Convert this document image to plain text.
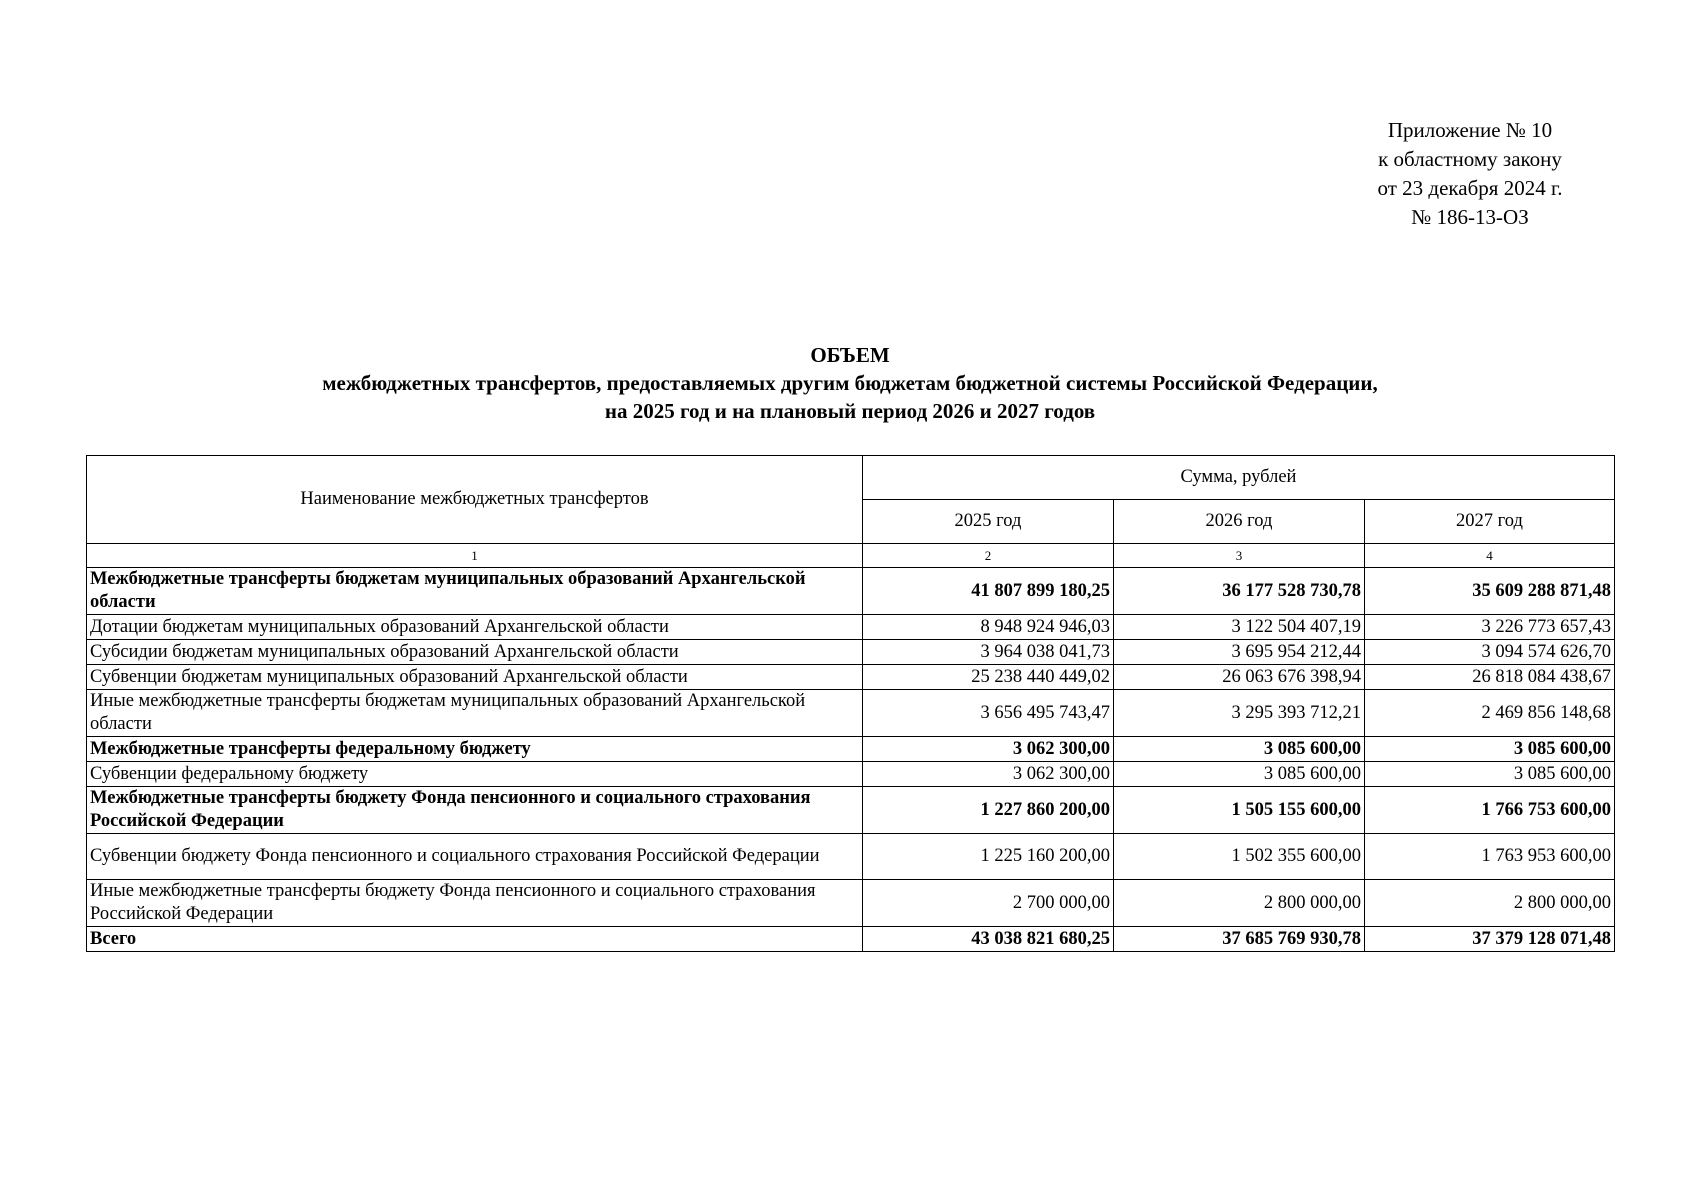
Приложение № 10
к областному закону
от 23 декабря 2024 г.
№ 186-13-ОЗ
ОБЪЕМ
межбюджетных трансфертов, предоставляемых другим бюджетам бюджетной системы Российской Федерации,
на 2025 год и на плановый период 2026 и 2027 годов
Наименование межбюджетных трансфертов	Сумма, рублей		
	2025 год	2026 год	2027 год
1	2	3	4
Межбюджетные трансферты бюджетам муниципальных образований Архангельской области	41 807 899 180,25	36 177 528 730,78	35 609 288 871,48
Дотации бюджетам муниципальных образований Архангельской области	8 948 924 946,03	3 122 504 407,19	3 226 773 657,43
Субсидии бюджетам муниципальных образований Архангельской области	3 964 038 041,73	3 695 954 212,44	3 094 574 626,70
Субвенции бюджетам муниципальных образований Архангельской области	25 238 440 449,02	26 063 676 398,94	26 818 084 438,67
Иные межбюджетные трансферты бюджетам муниципальных образований Архангельской области	3 656 495 743,47	3 295 393 712,21	2 469 856 148,68
Межбюджетные трансферты федеральному бюджету	3 062 300,00	3 085 600,00	3 085 600,00
Субвенции федеральному бюджету	3 062 300,00	3 085 600,00	3 085 600,00
Межбюджетные трансферты бюджету Фонда пенсионного и социального страхования Российской Федерации	1 227 860 200,00	1 505 155 600,00	1 766 753 600,00
Субвенции бюджету Фонда пенсионного и социального страхования Российской Федерации	1 225 160 200,00	1 502 355 600,00	1 763 953 600,00
Иные межбюджетные трансферты бюджету Фонда пенсионного и социального страхования Российской Федерации	2 700 000,00	2 800 000,00	2 800 000,00
Всего	43 038 821 680,25	37 685 769 930,78	37 379 128 071,48
